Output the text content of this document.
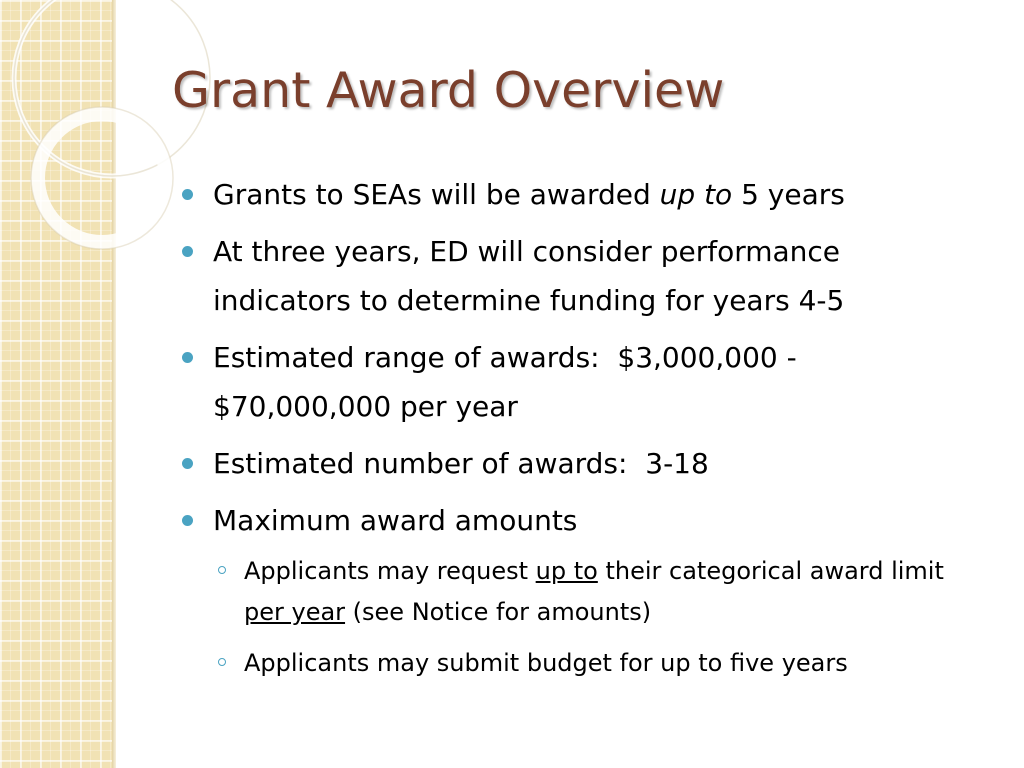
Grant Award Overview
Grants to SEAs will be awarded up to 5 years
At three years, ED will consider performance indicators to determine funding for years 4-5
Estimated range of awards:  $3,000,000 - $70,000,000 per year
Estimated number of awards:  3-18
Maximum award amounts
Applicants may request up to their categorical award limit per year (see Notice for amounts)
Applicants may submit budget for up to five years
